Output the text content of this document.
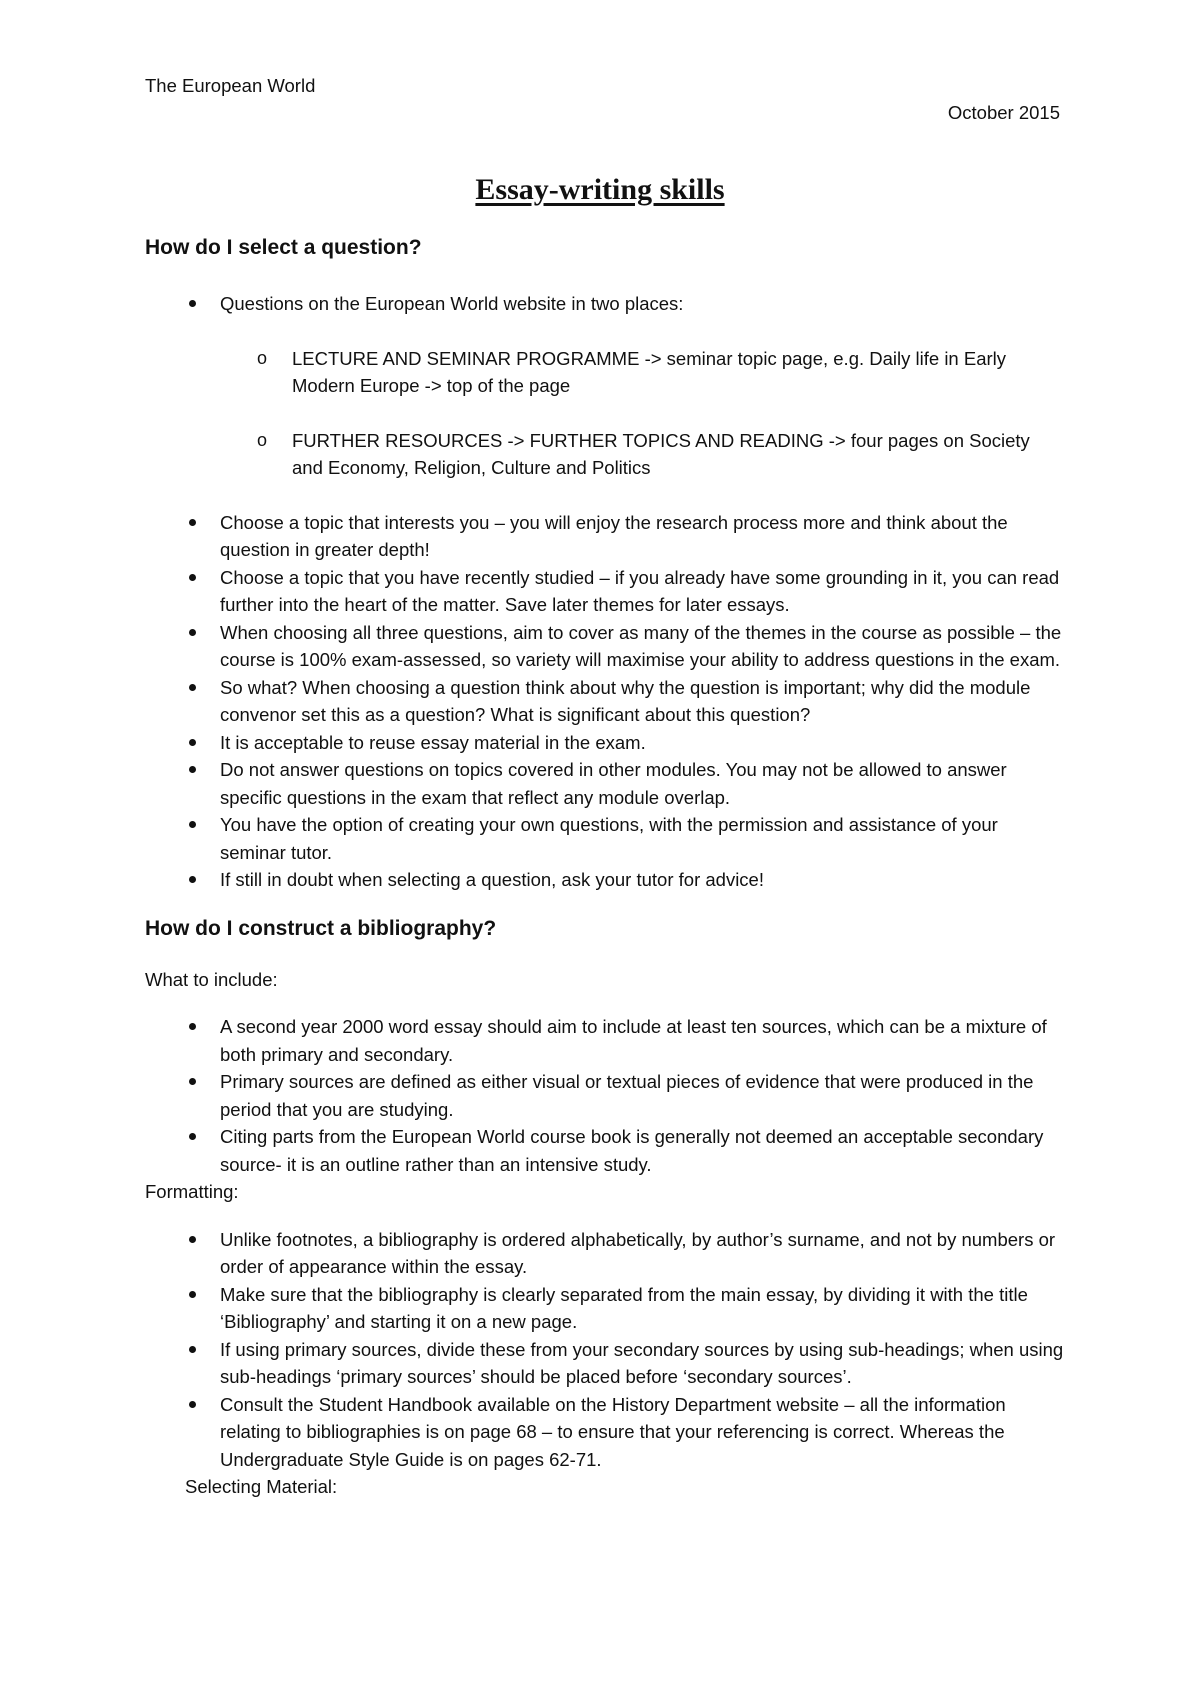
The European World
October 2015
Essay-writing skills
How do I select a question?
Questions on the European World website in two places:
o LECTURE AND SEMINAR PROGRAMME -> seminar topic page, e.g. Daily life in Early Modern Europe -> top of the page
o FURTHER RESOURCES -> FURTHER TOPICS AND READING -> four pages on Society and Economy, Religion, Culture and Politics
Choose a topic that interests you – you will enjoy the research process more and think about the question in greater depth!
Choose a topic that you have recently studied – if you already have some grounding in it, you can read further into the heart of the matter. Save later themes for later essays.
When choosing all three questions, aim to cover as many of the themes in the course as possible – the course is 100% exam-assessed, so variety will maximise your ability to address questions in the exam.
So what? When choosing a question think about why the question is important; why did the module convenor set this as a question? What is significant about this question?
It is acceptable to reuse essay material in the exam.
Do not answer questions on topics covered in other modules. You may not be allowed to answer specific questions in the exam that reflect any module overlap.
You have the option of creating your own questions, with the permission and assistance of your seminar tutor.
If still in doubt when selecting a question, ask your tutor for advice!
How do I construct a bibliography?

What to include:

A second year 2000 word essay should aim to include at least ten sources, which can be a mixture of both primary and secondary.
Primary sources are defined as either visual or textual pieces of evidence that were produced in the period that you are studying.
Citing parts from the European World course book is generally not deemed an acceptable secondary source- it is an outline rather than an intensive study.

Formatting:

Unlike footnotes, a bibliography is ordered alphabetically, by author’s surname, and not by numbers or order of appearance within the essay.
Make sure that the bibliography is clearly separated from the main essay, by dividing it with the title ‘Bibliography’ and starting it on a new page.
If using primary sources, divide these from your secondary sources by using sub-headings; when using sub-headings ‘primary sources’ should be placed before ‘secondary sources’.
Consult the Student Handbook available on the History Department website – all the information relating to bibliographies is on page 68 – to ensure that your referencing is correct. Whereas the Undergraduate Style Guide is on pages 62-71.

Selecting Material:
